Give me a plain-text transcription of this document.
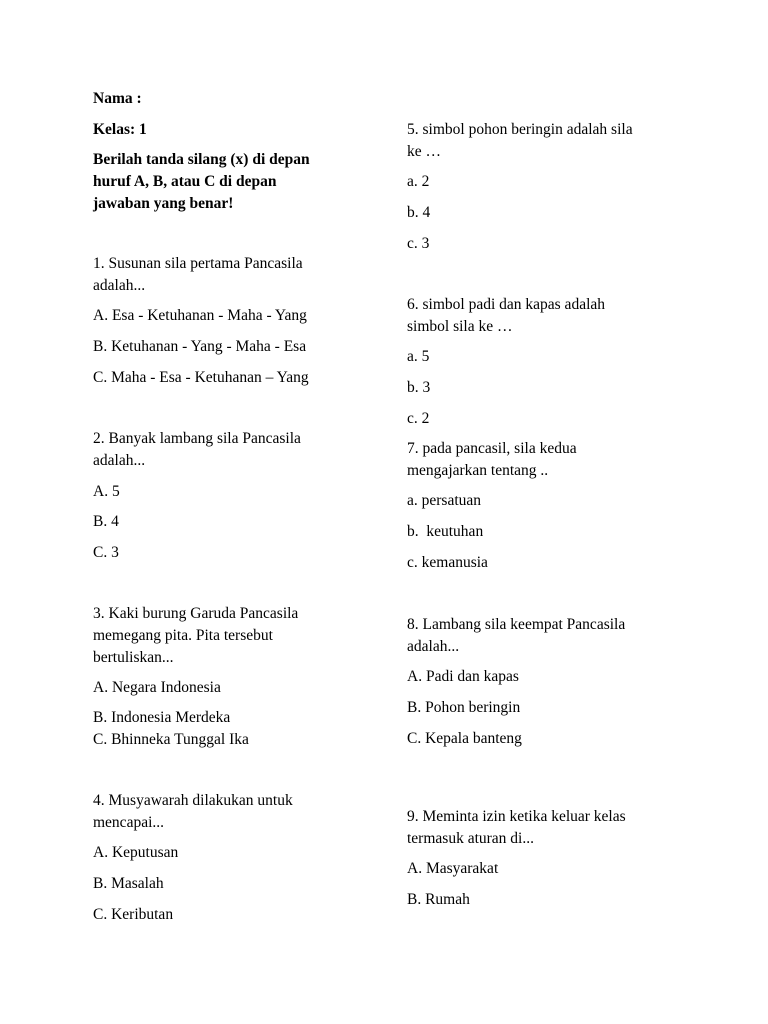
Nama :

Kelas: 1

Berilah tanda silang (x) di depan

huruf A, B, atau C di depan

jawaban yang benar!

1. Susunan sila pertama Pancasila

adalah...

A. Esa - Ketuhanan - Maha - Yang

B. Ketuhanan - Yang - Maha - Esa

C. Maha - Esa - Ketuhanan – Yang

2. Banyak lambang sila Pancasila

adalah...

A. 5

B. 4

C. 3

3. Kaki burung Garuda Pancasila

memegang pita. Pita tersebut

bertuliskan...

A. Negara Indonesia

B. Indonesia Merdeka

C. Bhinneka Tunggal Ika

4. Musyawarah dilakukan untuk

mencapai...

A. Keputusan

B. Masalah

C. Keributan

5. simbol pohon beringin adalah sila

ke …

a. 2

b. 4

c. 3

6. simbol padi dan kapas adalah

simbol sila ke …

a. 5

b. 3

c. 2

7. pada pancasil, sila kedua

mengajarkan tentang ..

a. persatuan

b.  keutuhan

c. kemanusia

8. Lambang sila keempat Pancasila

adalah...

A. Padi dan kapas

B. Pohon beringin

C. Kepala banteng

9. Meminta izin ketika keluar kelas

termasuk aturan di...

A. Masyarakat

B. Rumah
